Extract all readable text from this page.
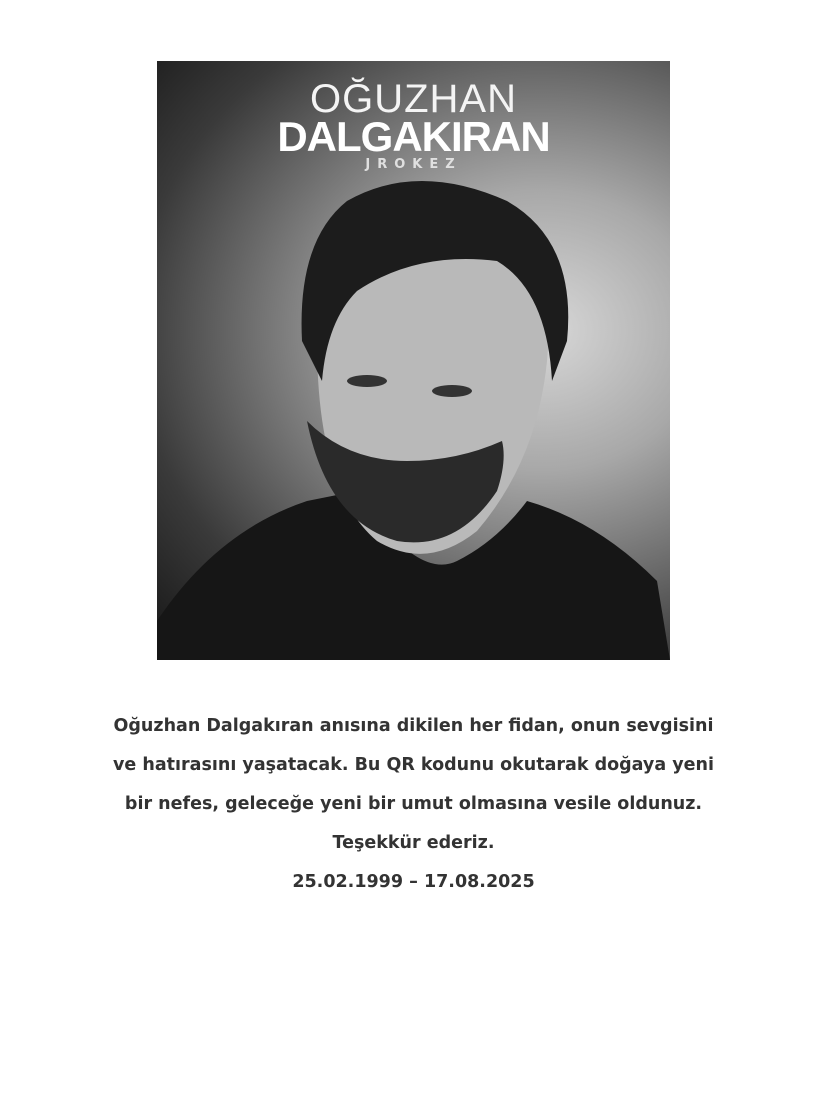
OĞUZHAN
DALGAKIRAN
JROKEZ
Oğuzhan Dalgakıran anısına dikilen her fidan, onun sevgisini
ve hatırasını yaşatacak. Bu QR kodunu okutarak doğaya yeni
bir nefes, geleceğe yeni bir umut olmasına vesile oldunuz.
Teşekkür ederiz.
25.02.1999 – 17.08.2025
